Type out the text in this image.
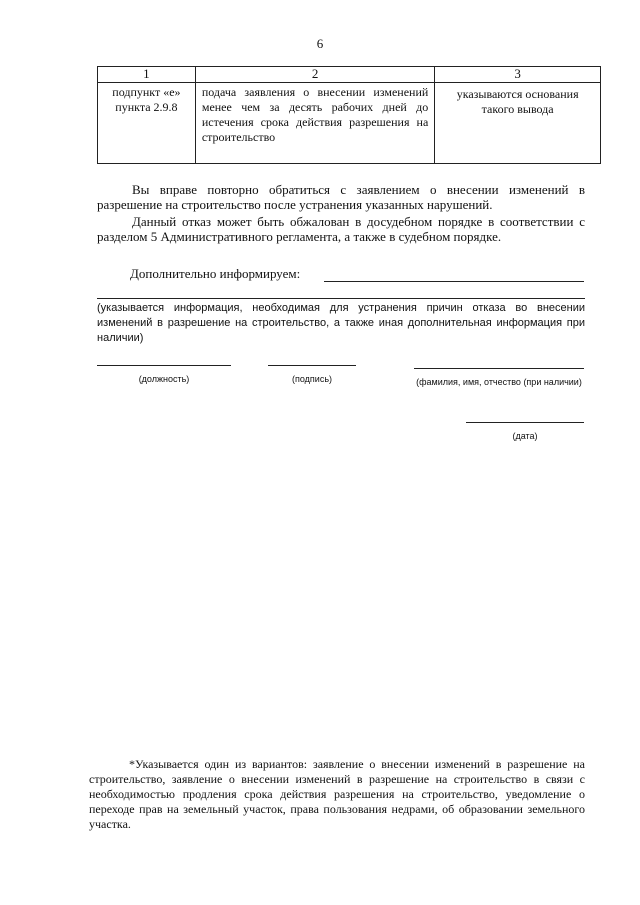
6
1	2	3
подпункт «е» пункта 2.9.8	подача заявления о внесении изменений менее чем за десять рабочих дней до истечения срока действия разрешения на строительство	указываются основания такого вывода
Вы вправе повторно обратиться с заявлением о внесении изменений в разрешение на строительство после устранения указанных нарушений.
Данный отказ может быть обжалован в досудебном порядке в соответствии с разделом 5 Административного регламента, а также в судебном порядке.
Дополнительно информируем:
(указывается информация, необходимая для устранения причин отказа во внесении изменений в разрешение на строительство, а также иная дополнительная информация при наличии)
(должность)	(подпись)	(фамилия, имя, отчество (при наличии)
(дата)
*Указывается один из вариантов: заявление о внесении изменений в разрешение на строительство, заявление о внесении изменений в разрешение на строительство в связи с необходимостью продления срока действия разрешения на строительство, уведомление о переходе прав на земельный участок, права пользования недрами, об образовании земельного участка.
